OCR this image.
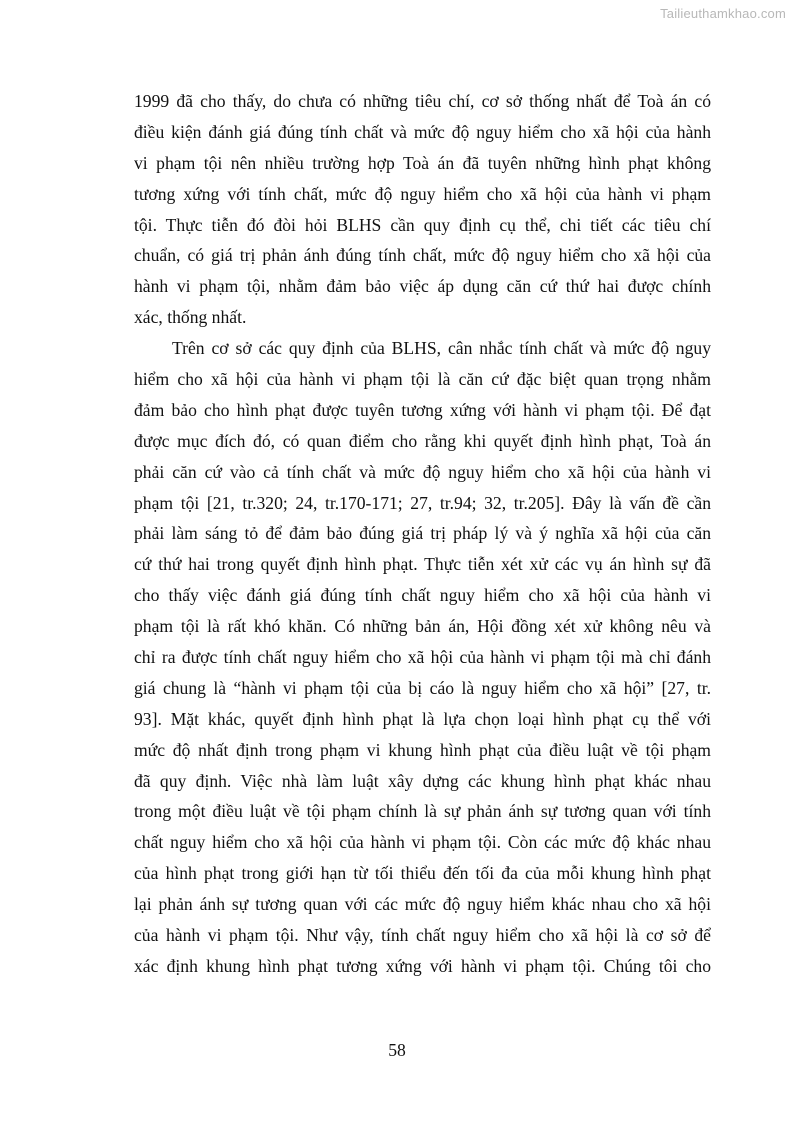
Tailieuthamkhao.com
1999 đã cho thấy, do chưa có những tiêu chí, cơ sở thống nhất để Toà án có
điều kiện đánh giá đúng tính chất và mức độ nguy hiểm cho xã hội của hành
vi phạm tội nên nhiều trường hợp Toà án đã tuyên những hình phạt không
tương xứng với tính chất, mức độ nguy hiểm cho xã hội của hành vi phạm
tội. Thực tiễn đó đòi hỏi BLHS cần quy định cụ thể, chi tiết các tiêu chí
chuẩn, có giá trị phản ánh đúng tính chất, mức độ nguy hiểm cho xã hội của
hành vi phạm tội, nhằm đảm bảo việc áp dụng căn cứ thứ hai được chính
xác, thống nhất.
Trên cơ sở các quy định của BLHS, cân nhắc tính chất và mức độ nguy
hiểm cho xã hội của hành vi phạm tội là căn cứ đặc biệt quan trọng nhằm
đảm bảo cho hình phạt được tuyên tương xứng với hành vi phạm tội. Để đạt
được mục đích đó, có quan điểm cho rằng khi quyết định hình phạt, Toà án
phải căn cứ vào cả tính chất và mức độ nguy hiểm cho xã hội của hành vi
phạm tội [21, tr.320; 24, tr.170-171; 27, tr.94; 32, tr.205]. Đây là vấn đề cần
phải làm sáng tỏ để đảm bảo đúng giá trị pháp lý và ý nghĩa xã hội của căn
cứ thứ hai trong quyết định hình phạt. Thực tiễn xét xử các vụ án hình sự đã
cho thấy việc đánh giá đúng tính chất nguy hiểm cho xã hội của hành vi
phạm tội là rất khó khăn. Có những bản án, Hội đồng xét xử không nêu và
chỉ ra được tính chất nguy hiểm cho xã hội của hành vi phạm tội mà chỉ đánh
giá chung là “hành vi phạm tội của bị cáo là nguy hiểm cho xã hội” [27, tr.
93]. Mặt khác, quyết định hình phạt là lựa chọn loại hình phạt cụ thể với
mức độ nhất định trong phạm vi khung hình phạt của điều luật về tội phạm
đã quy định. Việc nhà làm luật xây dựng các khung hình phạt khác nhau
trong một điều luật về tội phạm chính là sự phản ánh sự tương quan với tính
chất nguy hiểm cho xã hội của hành vi phạm tội. Còn các mức độ khác nhau
của hình phạt trong giới hạn từ tối thiểu đến tối đa của mỗi khung hình phạt
lại phản ánh sự tương quan với các mức độ nguy hiểm khác nhau cho xã hội
của hành vi phạm tội. Như vậy, tính chất nguy hiểm cho xã hội là cơ sở để
xác định khung hình phạt tương xứng với hành vi phạm tội. Chúng tôi cho
58
